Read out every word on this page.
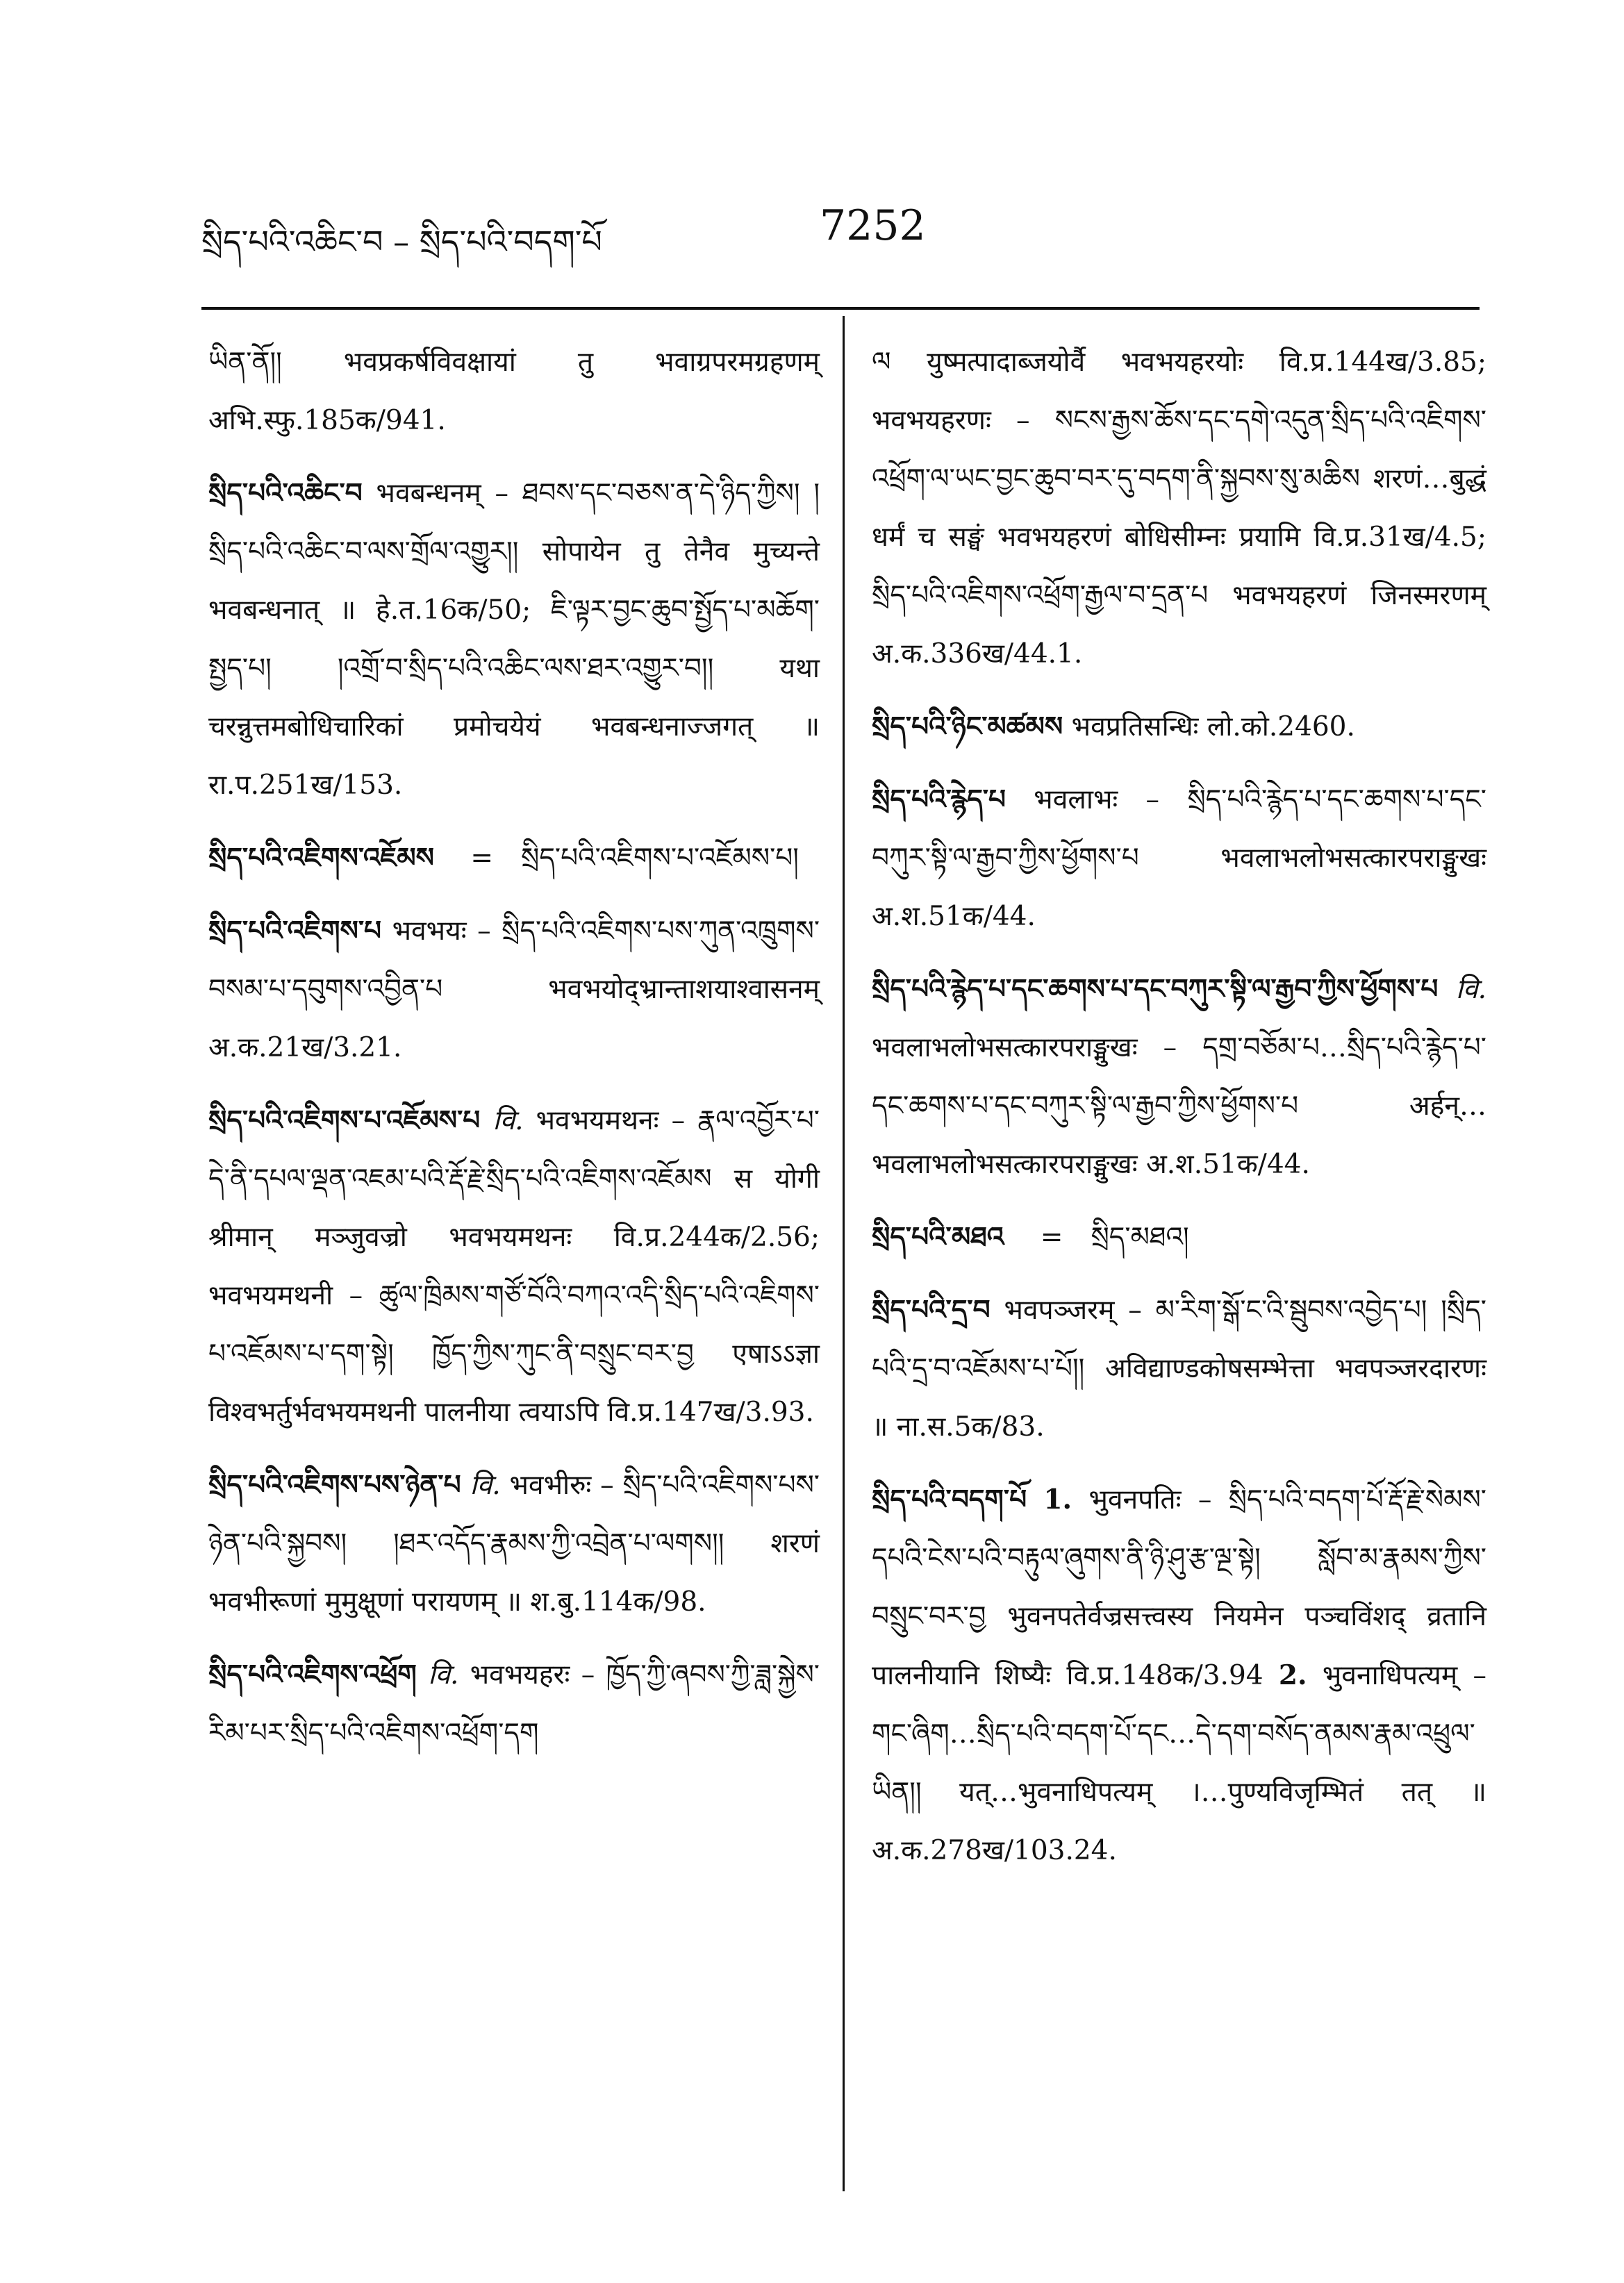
སྲིད་པའི་འཆིང་བ – སྲིད་པའི་བདག་པོ	7252
ཡིན་ནོ།། भवप्रकर्षविवक्षायां तु भवाग्रपरमग्रहणम् अभि.स्फु.185क/941.
སྲིད་པའི་འཆིང་བ भवबन्धनम् – ཐབས་དང་བཅས་ན་དེ་ཉིད་ཀྱིས། །སྲིད་པའི་འཆིང་བ་ལས་གྲོལ་འགྱུར།། सोपायेन तु तेनैव मुच्यन्ते भवबन्धनात् ॥ हे.त.16क/50; ཇི་ལྟར་བྱང་ཆུབ་སྤྱོད་པ་མཆོག་སྤྱད་པ། །འགྲོ་བ་སྲིད་པའི་འཆིང་ལས་ཐར་འགྱུར་བ།། यथा चरन्नुत्तमबोधिचारिकां प्रमोचयेयं भवबन्धनाज्जगत् ॥ रा.प.251ख/153.
སྲིད་པའི་འཇིགས་འཇོམས = སྲིད་པའི་འཇིགས་པ་འཇོམས་པ།
སྲིད་པའི་འཇིགས་པ भवभयः – སྲིད་པའི་འཇིགས་པས་ཀུན་འཁྲུགས་བསམ་པ་དབུགས་འབྱིན་པ भवभयोद्भ्रान्ताशयाश्वासनम् अ.क.21ख/3.21.
སྲིད་པའི་འཇིགས་པ་འཇོམས་པ वि. भवभयमथनः – རྣལ་འབྱོར་པ་དེ་ནི་དཔལ་ལྡན་འཇམ་པའི་རྡོ་རྗེ་སྲིད་པའི་འཇིགས་འཇོམས स योगी श्रीमान् मञ्जुवज्रो भवभयमथनः वि.प्र.244क/2.56; भवभयमथनी – ཚུལ་ཁྲིམས་གཙོ་བོའི་བཀའ་འདི་སྲིད་པའི་འཇིགས་པ་འཇོམས་པ་དག་སྟེ། ཁྱོད་ཀྱིས་ཀུང་ནི་བསྲུང་བར་བྱ एषाऽऽज्ञा विश्वभर्तुर्भवभयमथनी पालनीया त्वयाऽपि वि.प्र.147ख/3.93.
སྲིད་པའི་འཇིགས་པས་ཉེན་པ वि. भवभीरुः – སྲིད་པའི་འཇིགས་པས་ཉེན་པའི་སྐྱབས། །ཐར་འདོད་རྣམས་ཀྱི་འབྲེན་པ་ལགས།། शरणं भवभीरूणां मुमुक्षूणां परायणम् ॥ श.बु.114क/98.
སྲིད་པའི་འཇིགས་འཕྲོག वि. भवभयहरः – ཁྱོད་ཀྱི་ཞབས་ཀྱི་ཟླ་སྐྱེས་རིམ་པར་སྲིད་པའི་འཇིགས་འཕྲོག་དག
ལ युष्मत्पादाब्जयोर्वै भवभयहरयोः वि.प्र.144ख/3.85; भवभयहरणः – སངས་རྒྱས་ཆོས་དང་དགེ་འདུན་སྲིད་པའི་འཇིགས་འཕྲོག་ལ་ཡང་བྱང་ཆུབ་བར་དུ་བདག་ནི་སྐྱབས་སུ་མཆིས शरणं…बुद्धं धर्मं च सङ्घं भवभयहरणं बोधिसीम्नः प्रयामि वि.प्र.31ख/4.5; སྲིད་པའི་འཇིགས་འཕྲོག་རྒྱལ་བ་དྲན་པ भवभयहरणं जिनस्मरणम् अ.क.336ख/44.1.
སྲིད་པའི་ཉིང་མཚམས भवप्रतिसन्धिः लो.को.2460.
སྲིད་པའི་རྙེད་པ भवलाभः – སྲིད་པའི་རྙེད་པ་དང་ཆགས་པ་དང་བཀུར་སྟི་ལ་རྒྱབ་ཀྱིས་ཕྱོགས་པ भवलाभलोभसत्कारपराङ्मुखः अ.श.51क/44.
སྲིད་པའི་རྙེད་པ་དང་ཆགས་པ་དང་བཀུར་སྟི་ལ་རྒྱབ་ཀྱིས་ཕྱོགས་པ वि. भवलाभलोभसत्कारपराङ्मुखः – དགྲ་བཅོམ་པ…སྲིད་པའི་རྙེད་པ་དང་ཆགས་པ་དང་བཀུར་སྟི་ལ་རྒྱབ་ཀྱིས་ཕྱོགས་པ अर्हन्…भवलाभलोभसत्कारपराङ्मुखः अ.श.51क/44.
སྲིད་པའི་མཐའ = སྲིད་མཐའ།
སྲིད་པའི་དྲ་བ भवपञ्जरम् – མ་རིག་སྒོ་ང་འི་སྦུབས་འབྱེད་པ། །སྲིད་པའི་དྲ་བ་འཇོམས་པ་པོ།། अविद्याण्डकोषसम्भेत्ता भवपञ्जरदारणः ॥ ना.स.5क/83.
སྲིད་པའི་བདག་པོ 1. भुवनपतिः – སྲིད་པའི་བདག་པོ་རྡོ་རྗེ་སེམས་དཔའི་ངེས་པའི་བརྟུལ་ཞུགས་ནི་ཉི་ཤུ་རྩ་ལྔ་སྟེ། སློབ་མ་རྣམས་ཀྱིས་བསྲུང་བར་བྱ भुवनपतेर्वज्रसत्त्वस्य नियमेन पञ्चविंशद् व्रतानि पालनीयानि शिष्यैः वि.प्र.148क/3.94 2. भुवनाधिपत्यम् – གང་ཞིག…སྲིད་པའི་བདག་པོ་དང…དེ་དག་བསོད་ནམས་རྣམ་འཕྲུལ་ཡིན།། यत्…भुवनाधिपत्यम् ।…पुण्यविजृम्भितं तत् ॥ अ.क.278ख/103.24.
